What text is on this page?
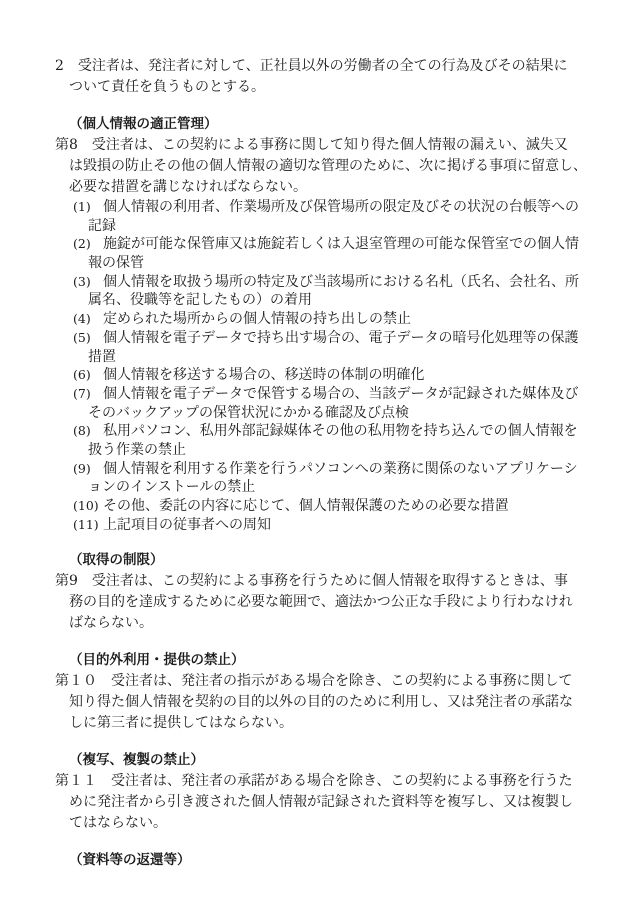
2　受注者は、発注者に対して、正社員以外の労働者の全ての行為及びその結果に
ついて責任を負うものとする。
（個人情報の適正管理）
第8　受注者は、この契約による事務に関して知り得た個人情報の漏えい、滅失又
は毀損の防止その他の個人情報の適切な管理のために、次に掲げる事項に留意し、
必要な措置を講じなければならない。
(1) 個人情報の利用者、作業場所及び保管場所の限定及びその状況の台帳等への
記録
(2) 施錠が可能な保管庫又は施錠若しくは入退室管理の可能な保管室での個人情
報の保管
(3) 個人情報を取扱う場所の特定及び当該場所における名札（氏名、会社名、所
属名、役職等を記したもの）の着用
(4) 定められた場所からの個人情報の持ち出しの禁止
(5) 個人情報を電子データで持ち出す場合の、電子データの暗号化処理等の保護
措置
(6) 個人情報を移送する場合の、移送時の体制の明確化
(7) 個人情報を電子データで保管する場合の、当該データが記録された媒体及び
そのバックアップの保管状況にかかる確認及び点検
(8) 私用パソコン、私用外部記録媒体その他の私用物を持ち込んでの個人情報を
扱う作業の禁止
(9) 個人情報を利用する作業を行うパソコンへの業務に関係のないアプリケーシ
ョンのインストールの禁止
(10) その他、委託の内容に応じて、個人情報保護のための必要な措置
(11) 上記項目の従事者への周知
（取得の制限）
第9　受注者は、この契約による事務を行うために個人情報を取得するときは、事
務の目的を達成するために必要な範囲で、適法かつ公正な手段により行わなけれ
ばならない。
（目的外利用・提供の禁止）
第１０　受注者は、発注者の指示がある場合を除き、この契約による事務に関して
知り得た個人情報を契約の目的以外の目的のために利用し、又は発注者の承諾な
しに第三者に提供してはならない。
（複写、複製の禁止）
第１１　受注者は、発注者の承諾がある場合を除き、この契約による事務を行うた
めに発注者から引き渡された個人情報が記録された資料等を複写し、又は複製し
てはならない。
（資料等の返還等）
